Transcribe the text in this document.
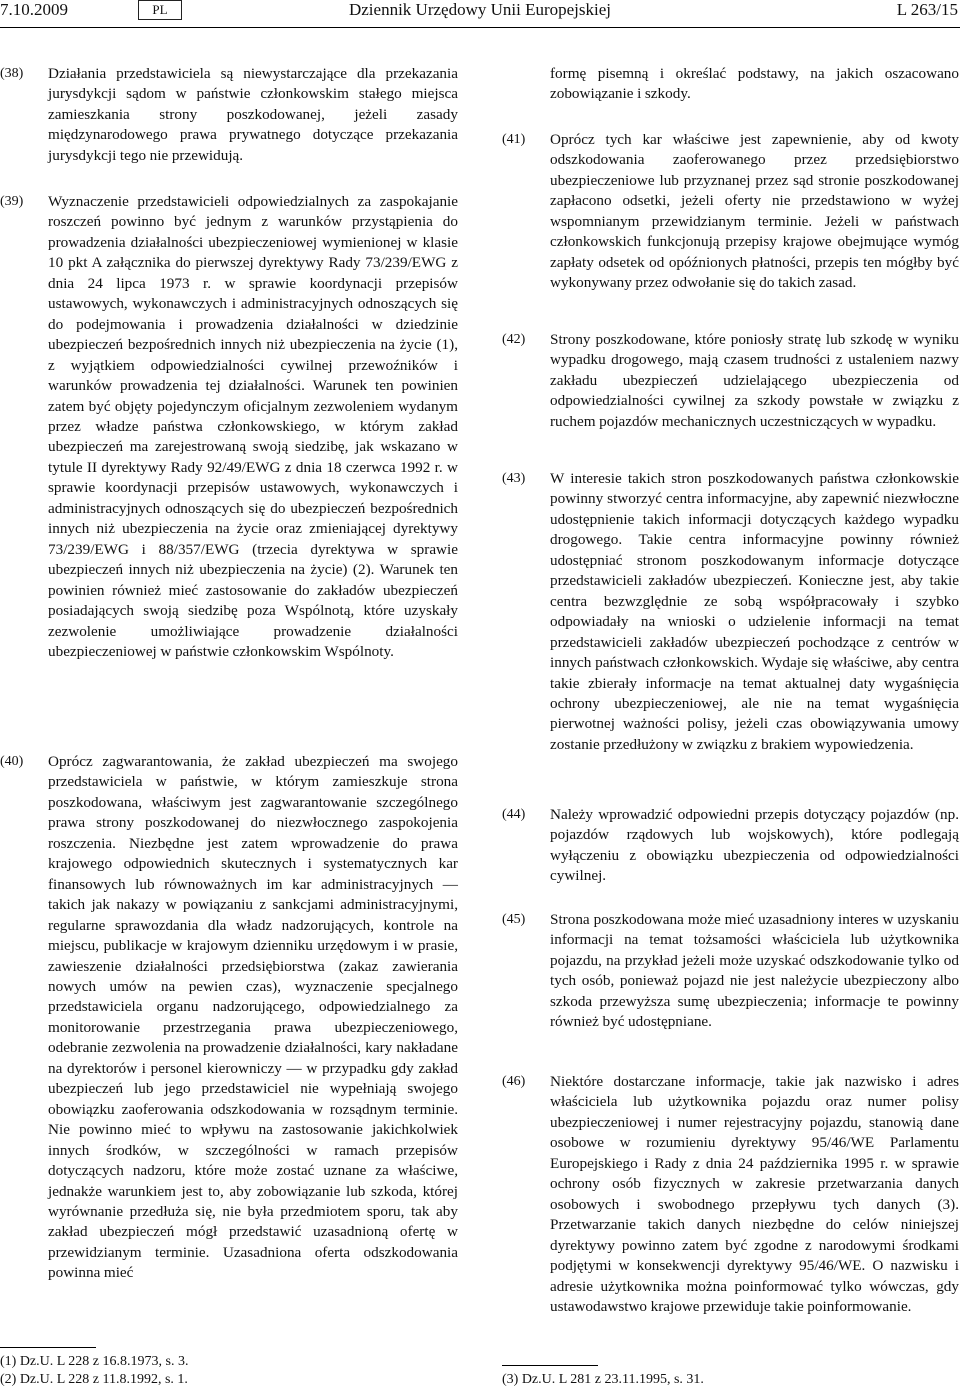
7.10.2009	PL	Dziennik Urzędowy Unii Europejskiej	L 263/15
(38)	Działania przedstawiciela są niewystarczające dla przekazania jurysdykcji sądom w państwie członkowskim stałego miejsca zamieszkania strony poszkodowanej, jeżeli zasady międzynarodowego prawa prywatnego dotyczące przekazania jurysdykcji tego nie przewidują.
(39)	Wyznaczenie przedstawicieli odpowiedzialnych za zaspokajanie roszczeń powinno być jednym z warunków przystąpienia do prowadzenia działalności ubezpieczeniowej wymienionej w klasie 10 pkt A załącznika do pierwszej dyrektywy Rady 73/239/EWG z dnia 24 lipca 1973 r. w sprawie koordynacji przepisów ustawowych, wykonawczych i administracyjnych odnoszących się do podejmowania i prowadzenia działalności w dziedzinie ubezpieczeń bezpośrednich innych niż ubezpieczenia na życie (1), z wyjątkiem odpowiedzialności cywilnej przewoźników i warunków prowadzenia tej działalności. Warunek ten powinien zatem być objęty pojedynczym oficjalnym zezwoleniem wydanym przez władze państwa członkowskiego, w którym zakład ubezpieczeń ma zarejestrowaną swoją siedzibę, jak wskazano w tytule II dyrektywy Rady 92/49/EWG z dnia 18 czerwca 1992 r. w sprawie koordynacji przepisów ustawowych, wykonawczych i administracyjnych odnoszących się do ubezpieczeń bezpośrednich innych niż ubezpieczenia na życie oraz zmieniającej dyrektywy 73/239/EWG i 88/357/EWG (trzecia dyrektywa w sprawie ubezpieczeń innych niż ubezpieczenia na życie) (2). Warunek ten powinien również mieć zastosowanie do zakładów ubezpieczeń posiadających swoją siedzibę poza Wspólnotą, które uzyskały zezwolenie umożliwiające prowadzenie działalności ubezpieczeniowej w państwie członkowskim Wspólnoty.
(40)	Oprócz zagwarantowania, że zakład ubezpieczeń ma swojego przedstawiciela w państwie, w którym zamieszkuje strona poszkodowana, właściwym jest zagwarantowanie szczególnego prawa strony poszkodowanej do niezwłocznego zaspokojenia roszczenia. Niezbędne jest zatem wprowadzenie do prawa krajowego odpowiednich skutecznych i systematycznych kar finansowych lub równoważnych im kar administracyjnych — takich jak nakazy w powiązaniu z sankcjami administracyjnymi, regularne sprawozdania dla władz nadzorujących, kontrole na miejscu, publikacje w krajowym dzienniku urzędowym i w prasie, zawieszenie działalności przedsiębiorstwa (zakaz zawierania nowych umów na pewien czas), wyznaczenie specjalnego przedstawiciela organu nadzorującego, odpowiedzialnego za monitorowanie przestrzegania prawa ubezpieczeniowego, odebranie zezwolenia na prowadzenie działalności, kary nakładane na dyrektorów i personel kierowniczy — w przypadku gdy zakład ubezpieczeń lub jego przedstawiciel nie wypełniają swojego obowiązku zaoferowania odszkodowania w rozsądnym terminie. Nie powinno mieć to wpływu na zastosowanie jakichkolwiek innych środków, w szczególności w ramach przepisów dotyczących nadzoru, które może zostać uznane za właściwe, jednakże warunkiem jest to, aby zobowiązanie lub szkoda, której wyrównanie przedłuża się, nie była przedmiotem sporu, tak aby zakład ubezpieczeń mógł przedstawić uzasadnioną ofertę w przewidzianym terminie. Uzasadniona oferta odszkodowania powinna mieć
(1) Dz.U. L 228 z 16.8.1973, s. 3.
(2) Dz.U. L 228 z 11.8.1992, s. 1.
formę pisemną i określać podstawy, na jakich oszacowano zobowiązanie i szkody.
(41)	Oprócz tych kar właściwe jest zapewnienie, aby od kwoty odszkodowania zaoferowanego przez przedsiębiorstwo ubezpieczeniowe lub przyznanej przez sąd stronie poszkodowanej zapłacono odsetki, jeżeli oferty nie przedstawiono w wyżej wspomnianym przewidzianym terminie. Jeżeli w państwach członkowskich funkcjonują przepisy krajowe obejmujące wymóg zapłaty odsetek od opóźnionych płatności, przepis ten mógłby być wykonywany przez odwołanie się do takich zasad.
(42)	Strony poszkodowane, które poniosły stratę lub szkodę w wyniku wypadku drogowego, mają czasem trudności z ustaleniem nazwy zakładu ubezpieczeń udzielającego ubezpieczenia od odpowiedzialności cywilnej za szkody powstałe w związku z ruchem pojazdów mechanicznych uczestniczących w wypadku.
(43)	W interesie takich stron poszkodowanych państwa członkowskie powinny stworzyć centra informacyjne, aby zapewnić niezwłoczne udostępnienie takich informacji dotyczących każdego wypadku drogowego. Takie centra informacyjne powinny również udostępniać stronom poszkodowanym informacje dotyczące przedstawicieli zakładów ubezpieczeń. Konieczne jest, aby takie centra bezwzględnie ze sobą współpracowały i szybko odpowiadały na wnioski o udzielenie informacji na temat przedstawicieli zakładów ubezpieczeń pochodzące z centrów w innych państwach członkowskich. Wydaje się właściwe, aby centra takie zbierały informacje na temat aktualnej daty wygaśnięcia ochrony ubezpieczeniowej, ale nie na temat wygaśnięcia pierwotnej ważności polisy, jeżeli czas obowiązywania umowy zostanie przedłużony w związku z brakiem wypowiedzenia.
(44)	Należy wprowadzić odpowiedni przepis dotyczący pojazdów (np. pojazdów rządowych lub wojskowych), które podlegają wyłączeniu z obowiązku ubezpieczenia od odpowiedzialności cywilnej.
(45)	Strona poszkodowana może mieć uzasadniony interes w uzyskaniu informacji na temat tożsamości właściciela lub użytkownika pojazdu, na przykład jeżeli może uzyskać odszkodowanie tylko od tych osób, ponieważ pojazd nie jest należycie ubezpieczony albo szkoda przewyższa sumę ubezpieczenia; informacje te powinny również być udostępniane.
(46)	Niektóre dostarczane informacje, takie jak nazwisko i adres właściciela lub użytkownika pojazdu oraz numer polisy ubezpieczeniowej i numer rejestracyjny pojazdu, stanowią dane osobowe w rozumieniu dyrektywy 95/46/WE Parlamentu Europejskiego i Rady z dnia 24 października 1995 r. w sprawie ochrony osób fizycznych w zakresie przetwarzania danych osobowych i swobodnego przepływu tych danych (3). Przetwarzanie takich danych niezbędne do celów niniejszej dyrektywy powinno zatem być zgodne z narodowymi środkami podjętymi w konsekwencji dyrektywy 95/46/WE. O nazwisku i adresie użytkownika można poinformować tylko wówczas, gdy ustawodawstwo krajowe przewiduje takie poinformowanie.
(3) Dz.U. L 281 z 23.11.1995, s. 31.
